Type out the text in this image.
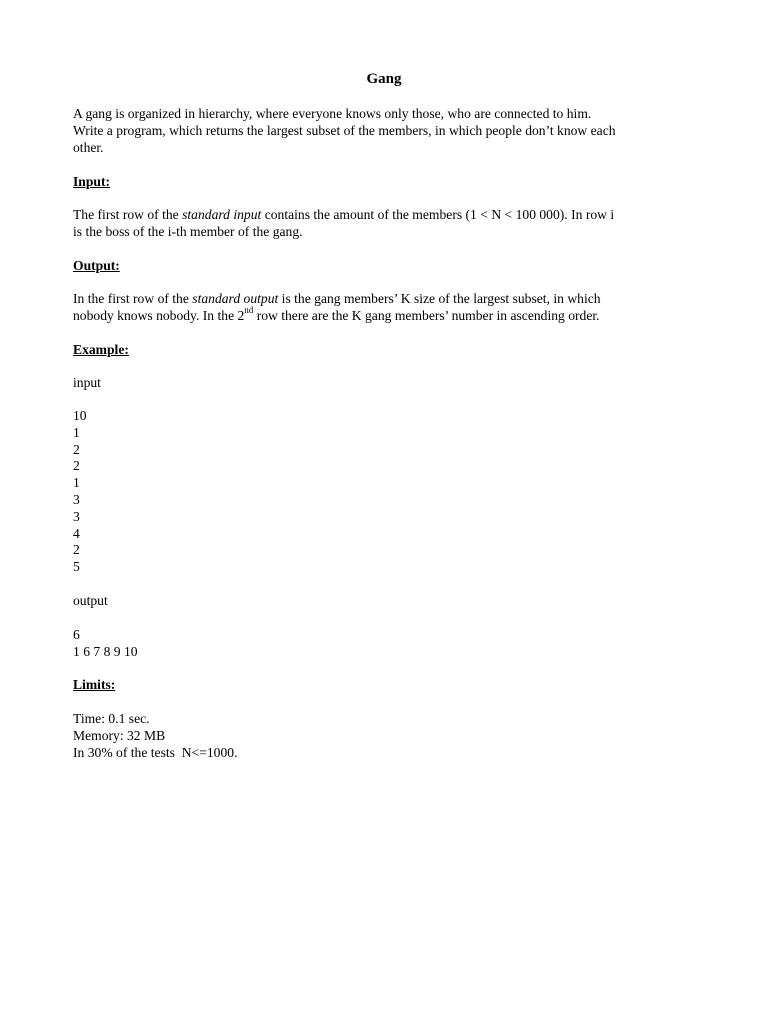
Gang
A gang is organized in hierarchy, where everyone knows only those, who are connected to him.
Write a program, which returns the largest subset of the members, in which people don’t know each
other.
Input:
The first row of the standard input contains the amount of the members (1 < N < 100 000). In row i
is the boss of the i-th member of the gang.
Output:
In the first row of the standard output is the gang members’ K size of the largest subset, in which
nobody knows nobody. In the 2nd row there are the K gang members’ number in ascending order.
Example:
input
10
1
2
2
1
3
3
4
2
5
output
6
1 6 7 8 9 10
Limits:
Time: 0.1 sec.
Memory: 32 MB
In 30% of the tests  N<=1000.
